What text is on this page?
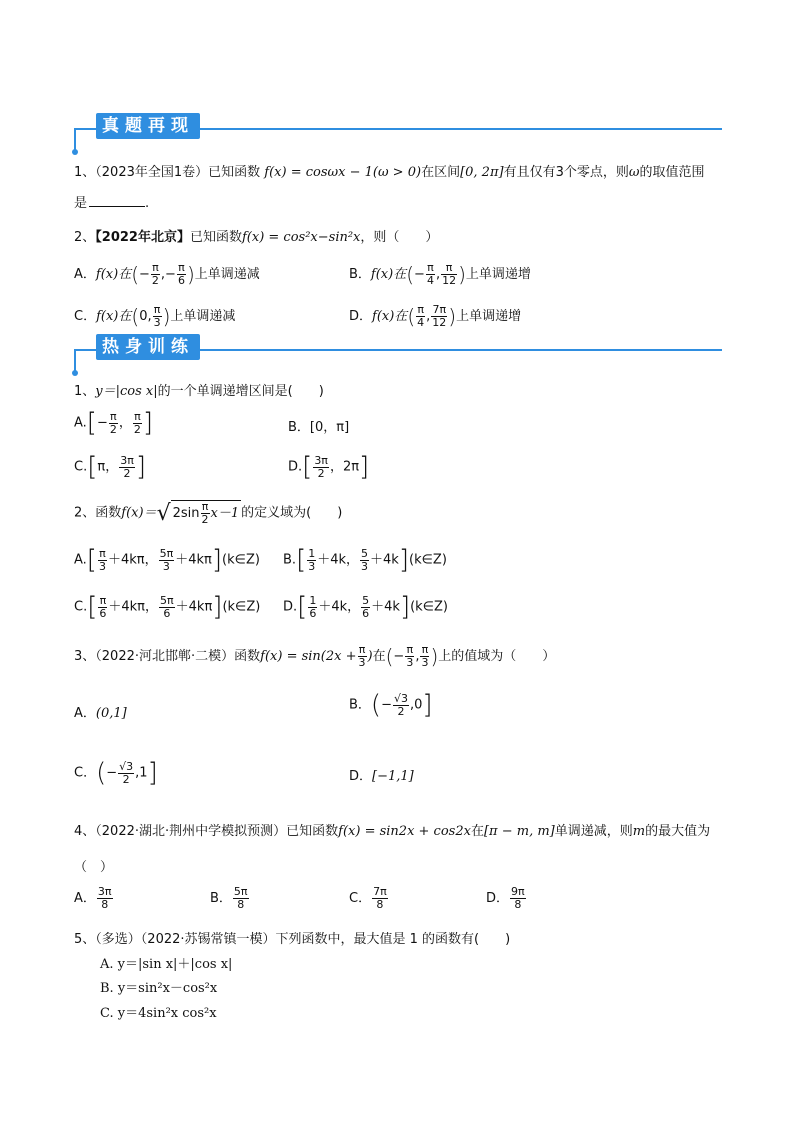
真题再现
1、（2023年全国1卷）已知函数 f(x) = cosωx − 1(ω > 0)在区间[0, 2π]有且仅有3个零点，则ω的取值范围
是	.
2、【2022年北京】已知函数f(x) = cos²x−sin²x，则（　　）
A．f(x)在(− $\frac{\pi}{2}$ ,− $\frac{\pi}{6}$ )上单调递减	B．f(x)在(− $\frac{\pi}{4}$ , $\frac{\pi}{12}$ )上单调递增
C．f(x)在(0, $\frac{\pi}{3}$ )上单调递减	D．f(x)在( $\frac{\pi}{4}$ , $\frac{7\pi}{12}$ )上单调递增
热身训练
1、y＝|cos x|的一个单调递增区间是(　　)
$A.[- \frac{\pi}{2}$ ， $\frac{\pi}{2}$ ]	B．[0，π]
C.[π， $\frac{3\pi}{2}$ ]	$D.[ \frac{3\pi}{2}$ ，2π]
2、函数f(x)＝√ $2\sin \frac{\pi}{2} x-1$ 的定义域为(　　)
$A.[ \frac{\pi}{3} +4k\pi$， $\frac{5\pi}{3}$ ＋4kπ](k∈Z) $B.[ \frac{1}{3} +4k$， $\frac{5}{3}$ ＋4k](k∈Z)
$C.[ \frac{\pi}{6} +4k\pi$， $\frac{5\pi}{6}$ ＋4kπ](k∈Z) $D.[ \frac{1}{6} +4k$， $\frac{5}{6}$ ＋4k](k∈Z)
3、（2022·河北邯郸·二模）函数$f(x) = \sin(2x + \frac{\pi}{3}$ )在(− $\frac{\pi}{3}$ , $\frac{\pi}{3}$ )上的值域为（　　）
A．(0,1]
B．(− $\frac{√3}{2} ,0$]
C．(− $\frac{√3}{2} ,1$]	D．[−1,1]
4、（2022·湖北·荆州中学模拟预测）已知函数f(x) = sin2x + cos2x在[π − m, m]单调递减，则m的最大值为
（　）
A． $\frac{3\pi}{8}$	B． $\frac{5\pi}{8}$	C． $\frac{7\pi}{8}$	D． $\frac{9\pi}{8}$
5、（多选）（2022·苏锡常镇一模）下列函数中，最大值是 1 的函数有(　　)
A. y＝|sin x|＋|cos x|
B. y＝sin²x－cos²x
C. y＝4sin²x cos²x
